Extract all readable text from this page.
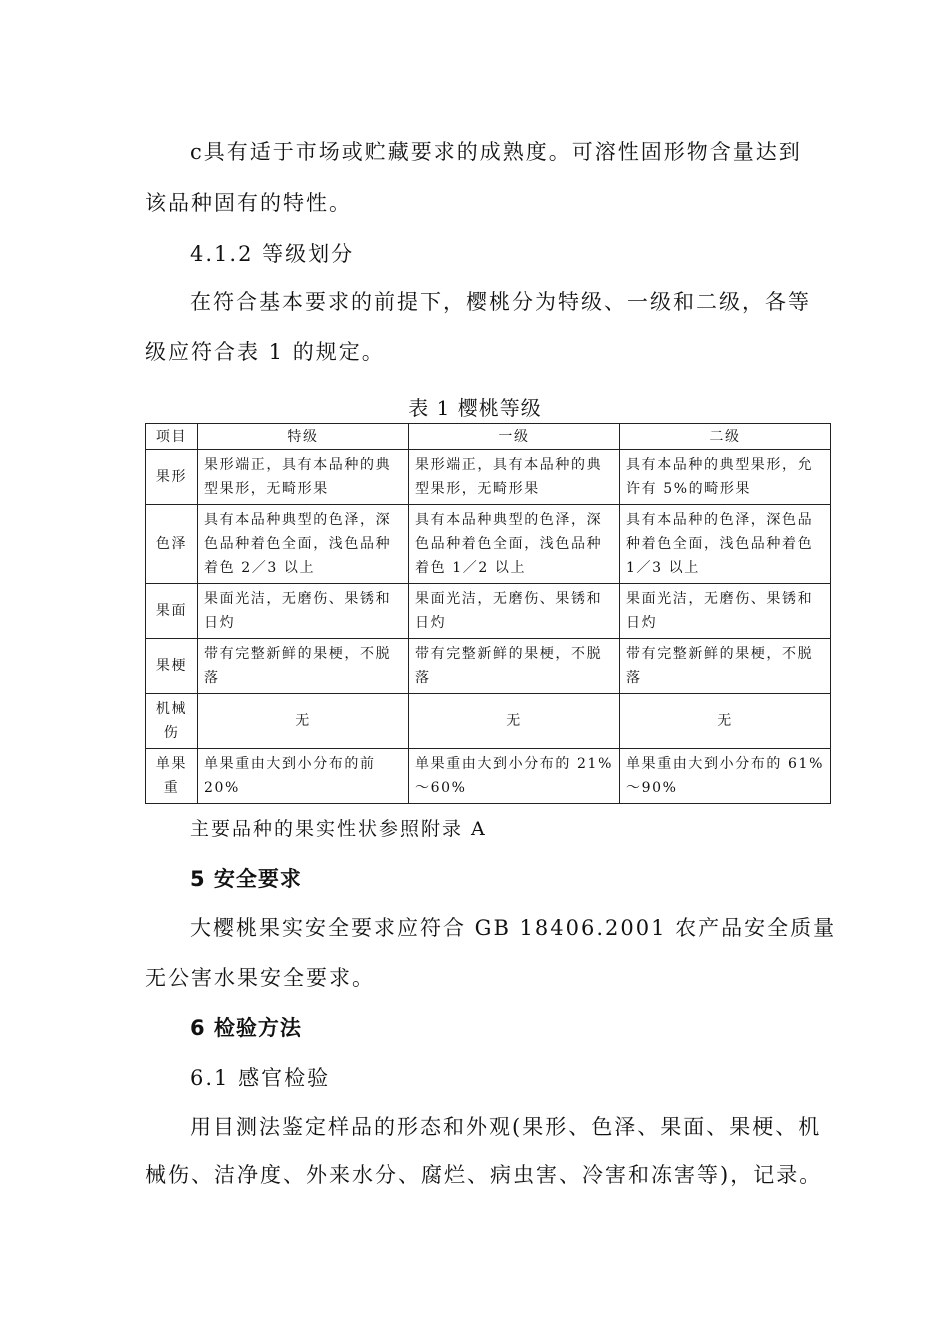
c具有适于市场或贮藏要求的成熟度。可溶性固形物含量达到
该品种固有的特性。
4.1.2 等级划分
在符合基本要求的前提下，樱桃分为特级、一级和二级，各等
级应符合表 1 的规定。
表 1 樱桃等级
项目	特级	一级	二级
果形	果形端正，具有本品种的典型果形，无畸形果	果形端正，具有本品种的典型果形，无畸形果	具有本品种的典型果形，允许有 5%的畸形果
色泽	具有本品种典型的色泽，深色品种着色全面，浅色品种着色 2／3 以上	具有本品种典型的色泽，深色品种着色全面，浅色品种着色 1／2 以上	具有本品种的色泽，深色品种着色全面，浅色品种着色 1／3 以上
果面	果面光洁，无磨伤、果锈和日灼	果面光洁，无磨伤、果锈和日灼	果面光洁，无磨伤、果锈和日灼
果梗	带有完整新鲜的果梗，不脱落	带有完整新鲜的果梗，不脱落	带有完整新鲜的果梗，不脱落
机械伤	无	无	无
单果重	单果重由大到小分布的前 20%	单果重由大到小分布的 21%～60%	单果重由大到小分布的 61%～90%
主要品种的果实性状参照附录 A
5 安全要求
大樱桃果实安全要求应符合 GB 18406.2001 农产品安全质量
无公害水果安全要求。
6 检验方法
6.1 感官检验
用目测法鉴定样品的形态和外观(果形、色泽、果面、果梗、机
械伤、洁净度、外来水分、腐烂、病虫害、冷害和冻害等)，记录。
